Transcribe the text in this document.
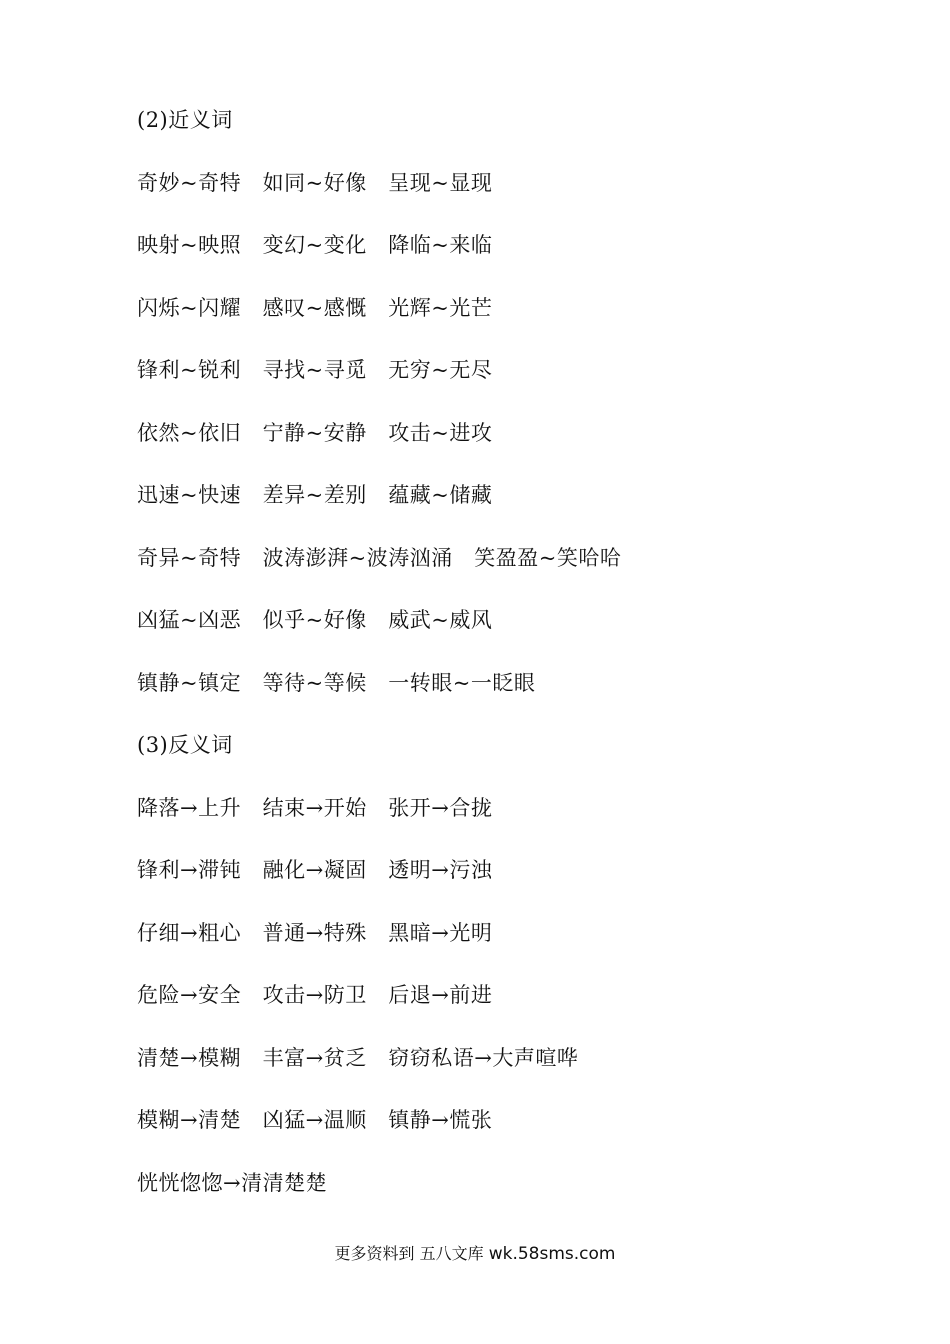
(2)近义词
奇妙~奇特   如同~好像   呈现~显现
映射~映照   变幻~变化   降临~来临
闪烁~闪耀   感叹~感慨   光辉~光芒
锋利~锐利   寻找~寻觅   无穷~无尽
依然~依旧   宁静~安静   攻击~进攻
迅速~快速   差异~差别   蕴藏~储藏
奇异~奇特   波涛澎湃~波涛汹涌   笑盈盈~笑哈哈
凶猛~凶恶   似乎~好像   威武~威风
镇静~镇定   等待~等候   一转眼~一眨眼
(3)反义词
降落→上升   结束→开始   张开→合拢
锋利→滞钝   融化→凝固   透明→污浊
仔细→粗心   普通→特殊   黑暗→光明
危险→安全   攻击→防卫   后退→前进
清楚→模糊   丰富→贫乏   窃窃私语→大声喧哗
模糊→清楚   凶猛→温顺   镇静→慌张
恍恍惚惚→清清楚楚
更多资料到 五八文库 wk.58sms.com
